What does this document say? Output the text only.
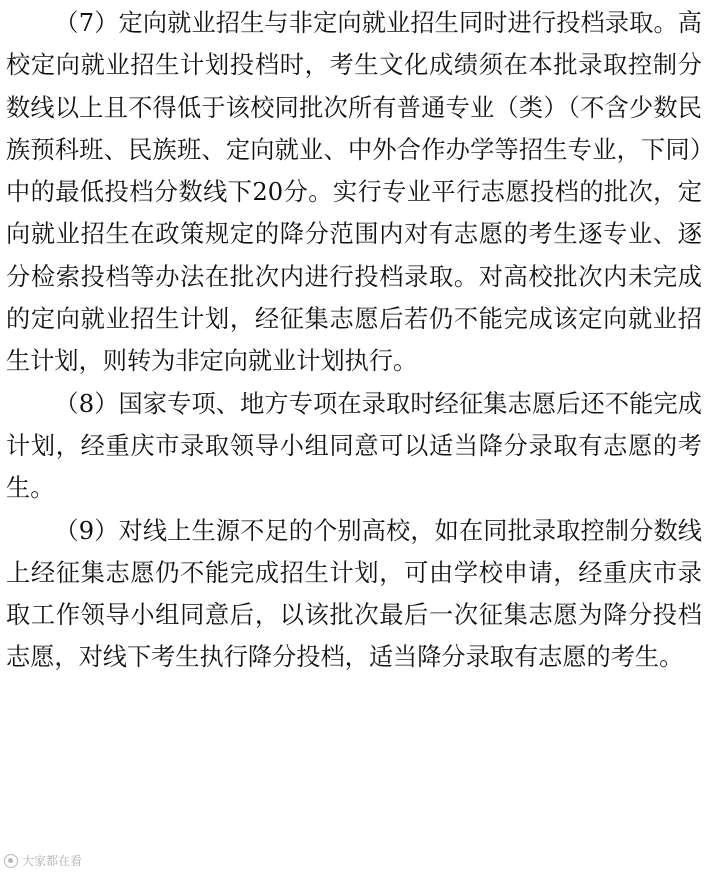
（7）定向就业招生与非定向就业招生同时进行投档录取。高校定向就业招生计划投档时，考生文化成绩须在本批录取控制分数线以上且不得低于该校同批次所有普通专业（类）（不含少数民族预科班、民族班、定向就业、中外合作办学等招生专业，下同）中的最低投档分数线下20分。实行专业平行志愿投档的批次，定向就业招生在政策规定的降分范围内对有志愿的考生逐专业、逐分检索投档等办法在批次内进行投档录取。对高校批次内未完成的定向就业招生计划，经征集志愿后若仍不能完成该定向就业招生计划，则转为非定向就业计划执行。

（8）国家专项、地方专项在录取时经征集志愿后还不能完成计划，经重庆市录取领导小组同意可以适当降分录取有志愿的考生。

（9）对线上生源不足的个别高校，如在同批录取控制分数线上经征集志愿仍不能完成招生计划，可由学校申请，经重庆市录取工作领导小组同意后，以该批次最后一次征集志愿为降分投档志愿，对线下考生执行降分投档，适当降分录取有志愿的考生。

大家都在看
